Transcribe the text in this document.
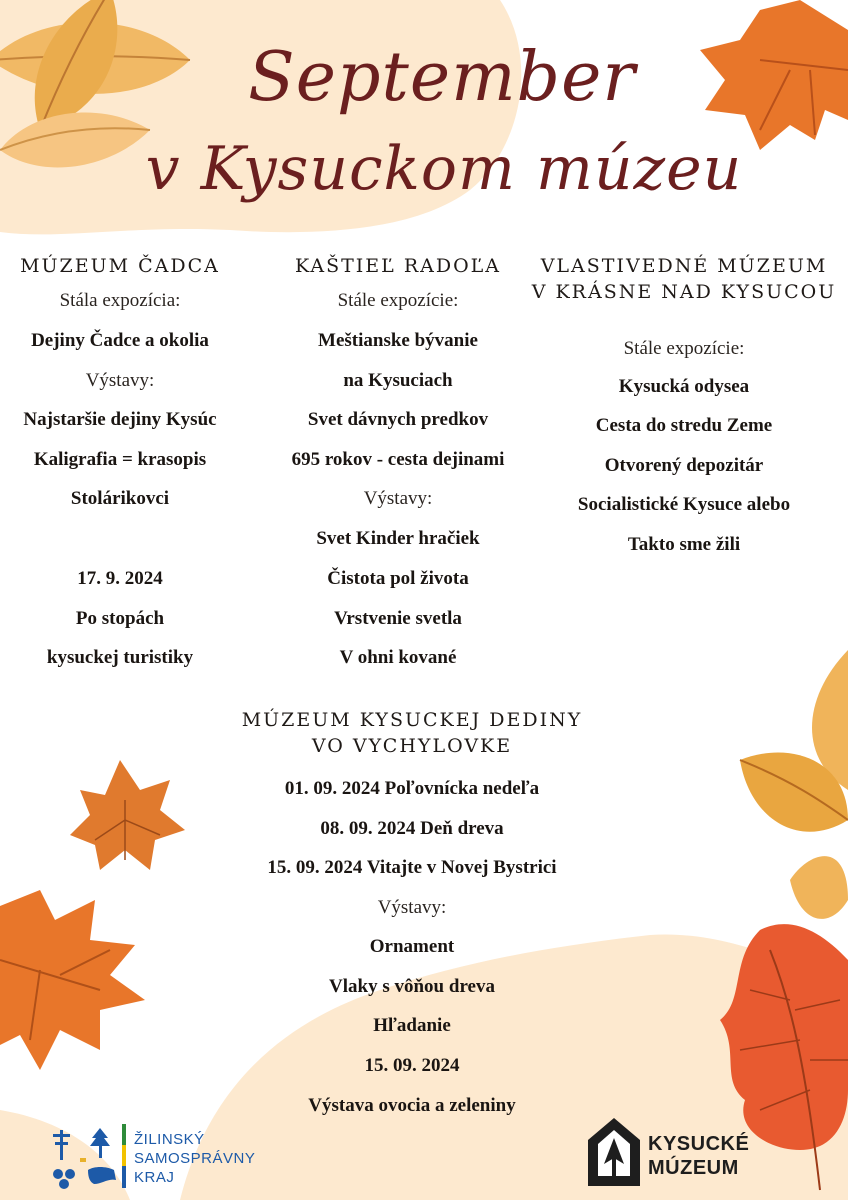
September
v Kysuckom múzeu
MÚZEUM ČADCA
Stála expozícia:
Dejiny Čadce a okolia
Výstavy:
Najstaršie dejiny Kysúc
Kaligrafia = krasopis
Stolárikovci
17. 9. 2024
Po stopách
kysuckej turistiky
KAŠTIEĽ RADOĽA
Stále expozície:
Meštianske bývanie
na Kysuciach
Svet dávnych predkov
695 rokov - cesta dejinami
Výstavy:
Svet Kinder hračiek
Čistota pol života
Vrstvenie svetla
V ohni kované
VLASTIVEDNÉ MÚZEUM
V KRÁSNE NAD KYSUCOU
Stále expozície:
Kysucká odysea
Cesta do stredu Zeme
Otvorený depozitár
Socialistické Kysuce alebo
Takto sme žili
MÚZEUM KYSUCKEJ DEDINY
VO VYCHYLOVKE
01. 09. 2024 Poľovnícka nedeľa
08. 09. 2024 Deň dreva
15. 09. 2024 Vitajte v Novej Bystrici
Výstavy:
Ornament
Vlaky s vôňou dreva
Hľadanie
15. 09. 2024
Výstava ovocia a zeleniny
ŽILINSKÝ
SAMOSPRÁVNY
KRAJ
KYSUCKÉ
MÚZEUM
